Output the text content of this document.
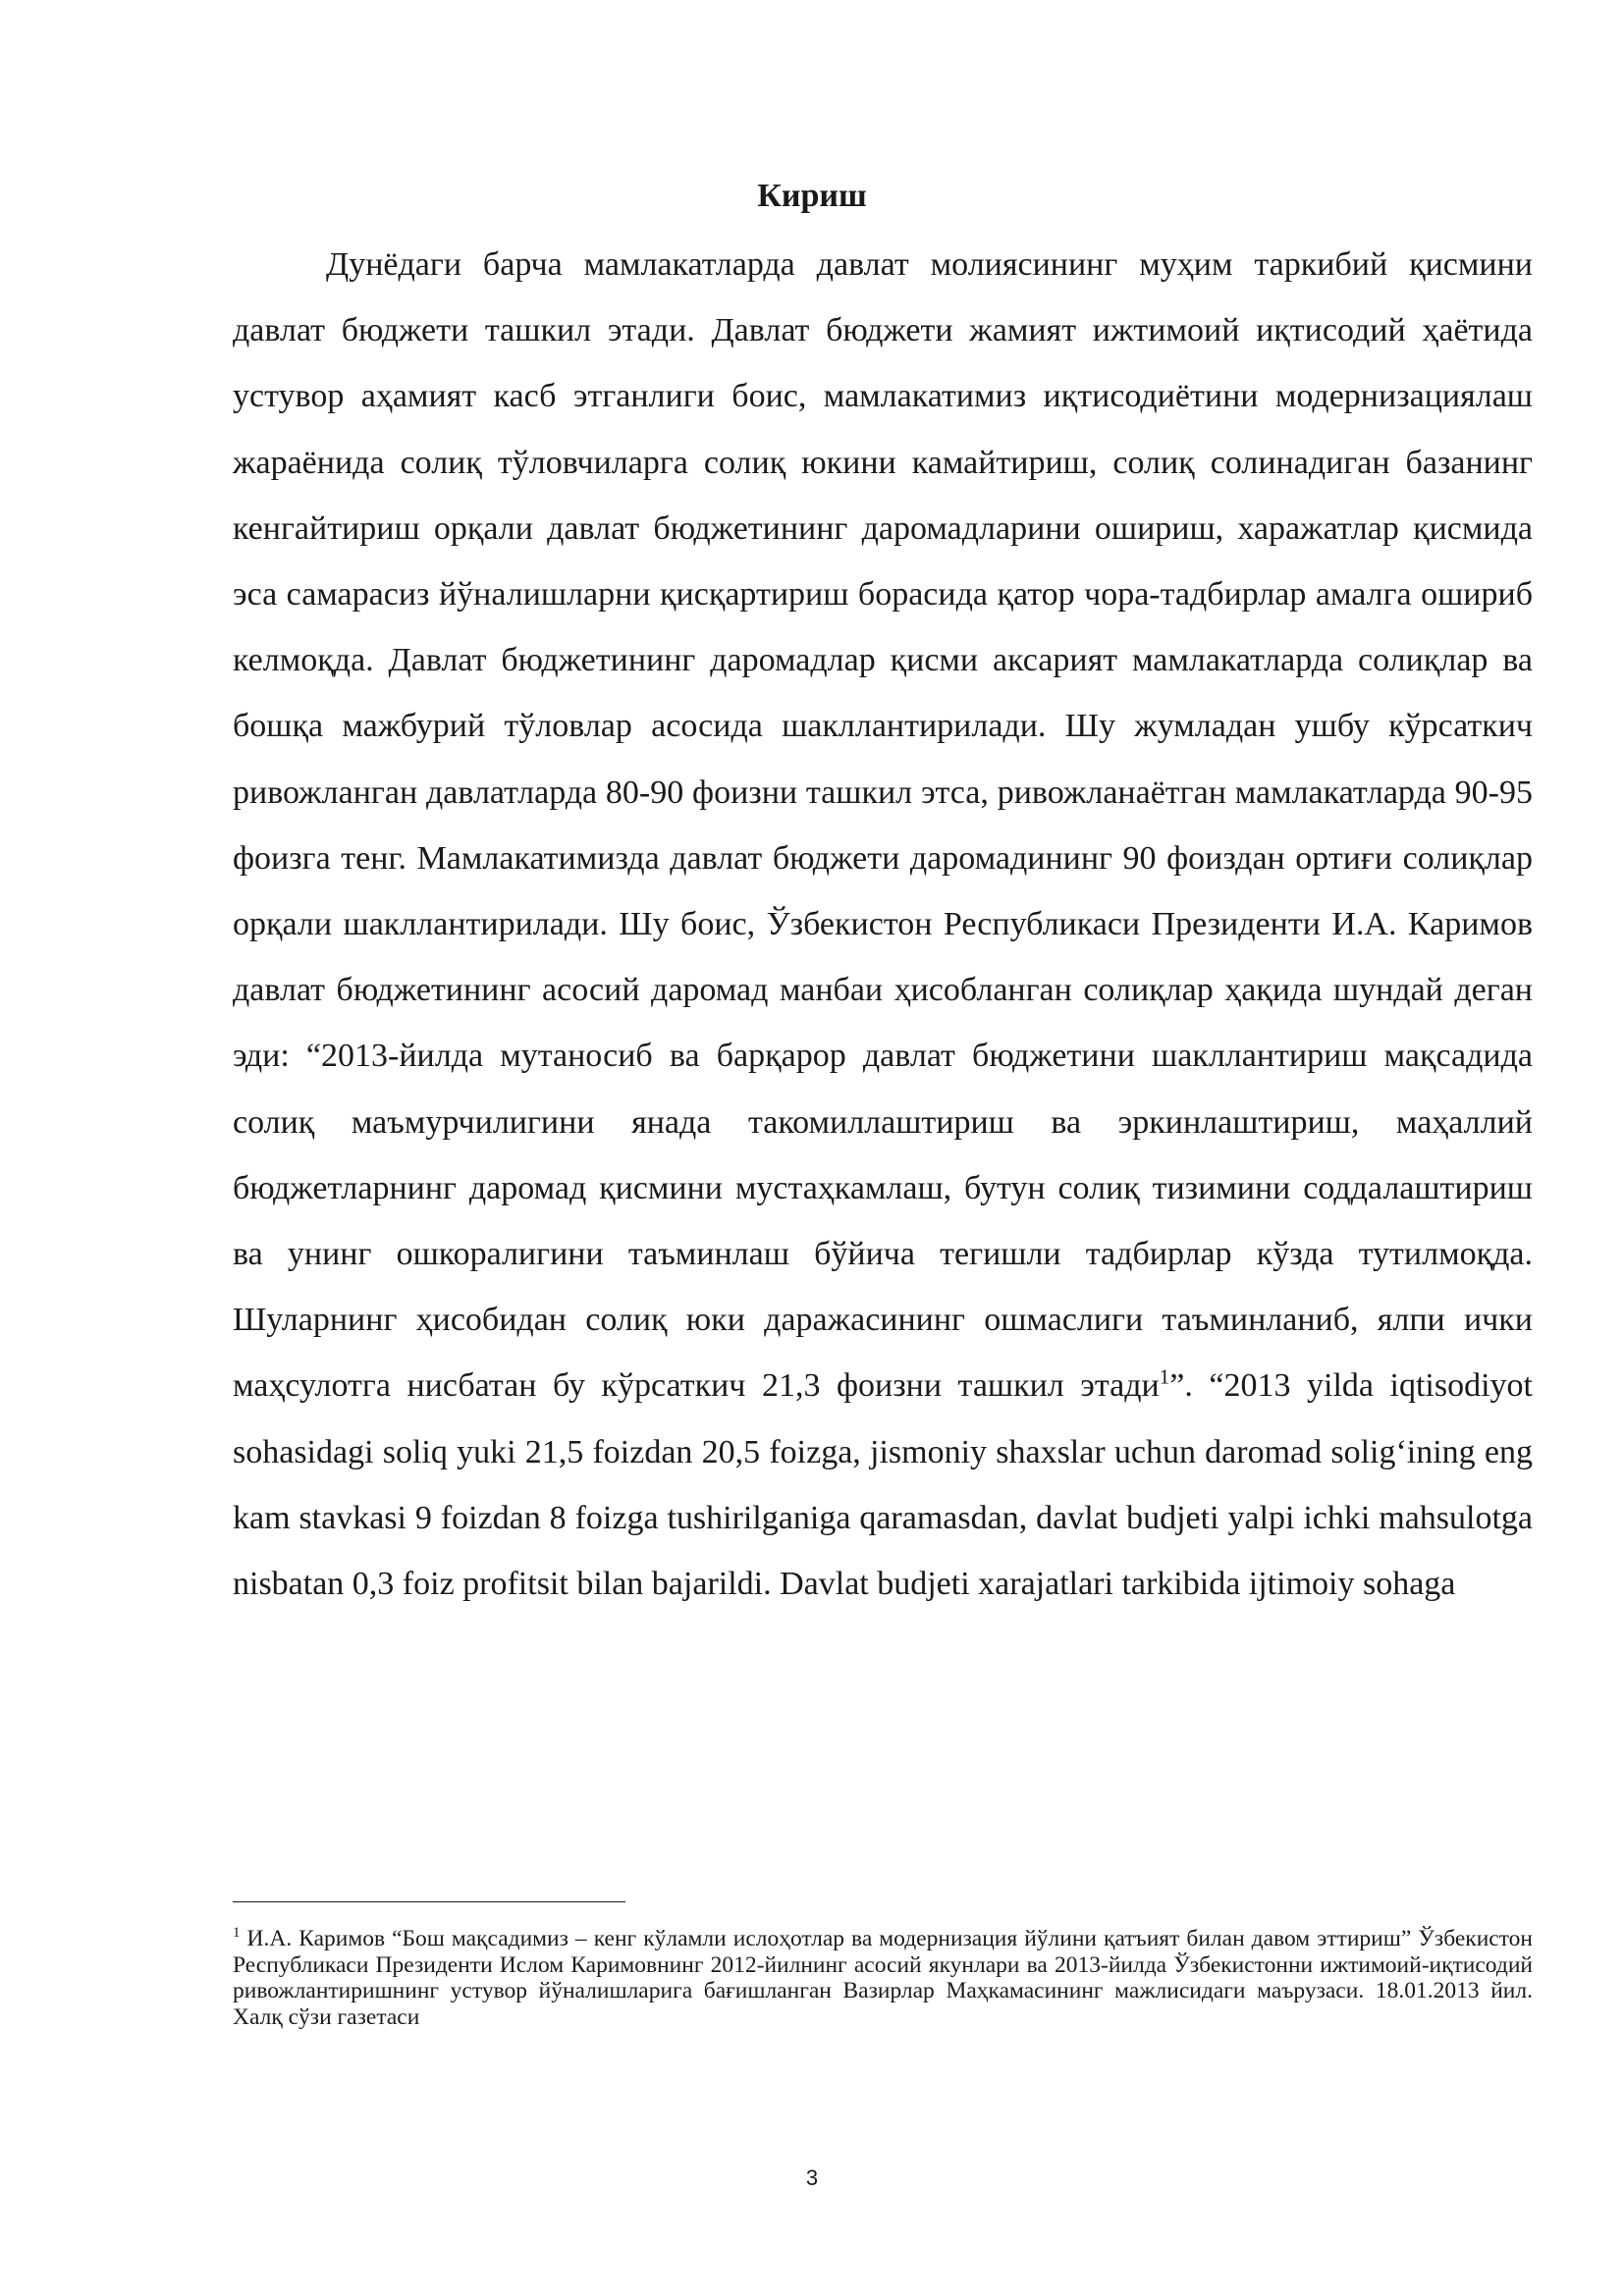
Кириш

Дунёдаги барча мамлакатларда давлат молиясининг муҳим таркибий қисмини давлат бюджети ташкил этади. Давлат бюджети жамият ижтимоий иқтисодий ҳаётида устувор аҳамият касб этганлиги боис, мамлакатимиз иқтисодиётини модернизациялаш жараёнида солиқ тўловчиларга солиқ юкини камайтириш, солиқ солинадиган базанинг кенгайтириш орқали давлат бюджетининг даромадларини ошириш, харажатлар қисмида эса самарасиз йўналишларни қисқартириш борасида қатор чора-тадбирлар амалга ошириб келмоқда. Давлат бюджетининг даромадлар қисми аксарият мамлакатларда солиқлар ва бошқа мажбурий тўловлар асосида шакллантирилади. Шу жумладан ушбу кўрсаткич ривожланган давлатларда 80-90 фоизни ташкил этса, ривожланаётган мамлакатларда 90-95 фоизга тенг. Мамлакатимизда давлат бюджети даромадининг 90 фоиздан ортиғи солиқлар орқали шакллантирилади. Шу боис, Ўзбекистон Республикаси Президенти И.А. Каримов давлат бюджетининг асосий даромад манбаи ҳисобланган солиқлар ҳақида шундай деган эди: “2013-йилда мутаносиб ва барқарор давлат бюджетини шакллантириш мақсадида солиқ маъмурчилигини янада такомиллаштириш ва эркинлаштириш, маҳаллий бюджетларнинг даромад қисмини мустаҳкамлаш, бутун солиқ тизимини соддалаштириш ва унинг ошкоралигини таъминлаш бўйича тегишли тадбирлар кўзда тутилмоқда. Шуларнинг ҳисобидан солиқ юки даражасининг ошмаслиги таъминланиб, ялпи ички маҳсулотга нисбатан бу кўрсаткич 21,3 фоизни ташкил этади$^1$”. “2013 yilda iqtisodiyot sohasidagi soliq yuki 21,5 foizdan 20,5 foizga, jismoniy shaxslar uchun daromad solig‘ining eng kam stavkasi 9 foizdan 8 foizga tushirilganiga qaramasdan, davlat budjeti yalpi ichki mahsulotga nisbatan 0,3 foiz profitsit bilan bajarildi. Davlat budjeti xarajatlari tarkibida ijtimoiy sohaga

$^1$ И.А. Каримов “Бош мақсадимиз – кенг кўламли ислоҳотлар ва модернизация йўлини қатъият билан давом эттириш” Ўзбекистон Республикаси Президенти Ислом Каримовнинг 2012-йилнинг асосий якунлари ва 2013-йилда Ўзбекистонни ижтимоий-иқтисодий ривожлантиришнинг устувор йўналишларига бағишланган Вазирлар Маҳкамасининг мажлисидаги маърузаси. 18.01.2013 йил. Халқ сўзи газетаси

3
